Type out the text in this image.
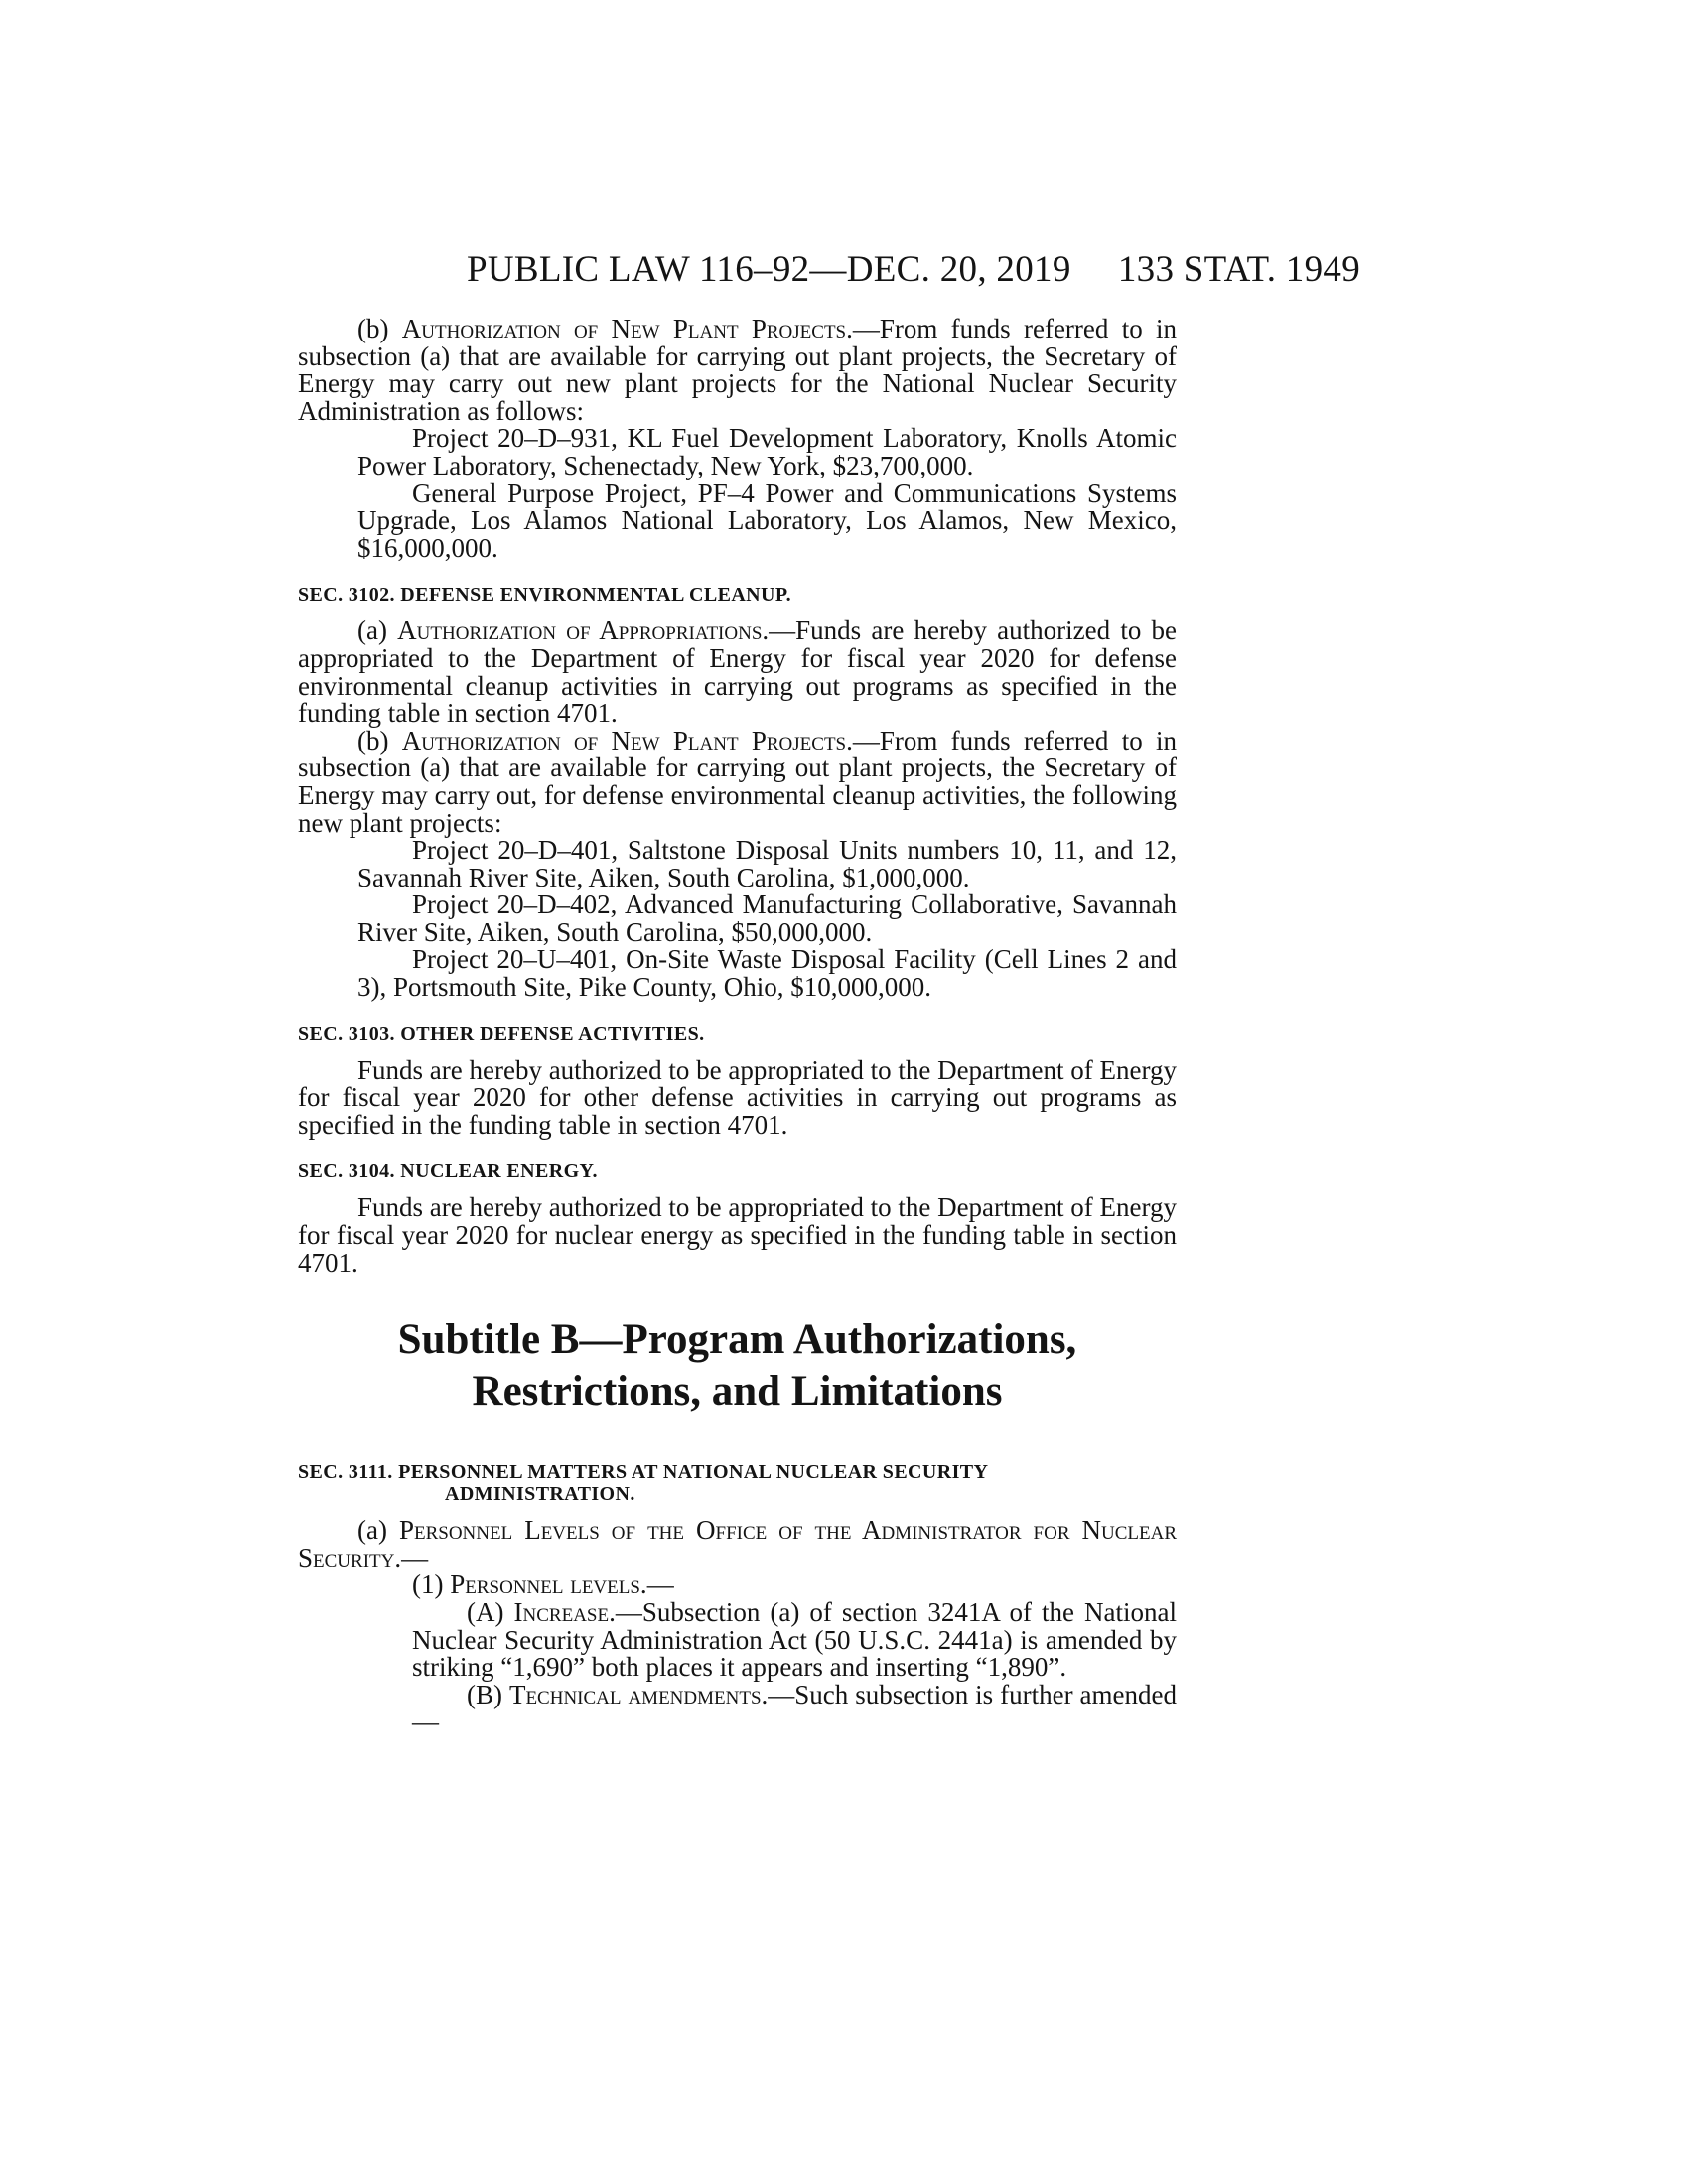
PUBLIC LAW 116–92—DEC. 20, 2019 133 STAT. 1949

(b) Authorization of New Plant Projects.—From funds referred to in subsection (a) that are available for carrying out plant projects, the Secretary of Energy may carry out new plant projects for the National Nuclear Security Administration as follows:

Project 20–D–931, KL Fuel Development Laboratory, Knolls Atomic Power Laboratory, Schenectady, New York, $23,700,000.

General Purpose Project, PF–4 Power and Communications Systems Upgrade, Los Alamos National Laboratory, Los Alamos, New Mexico, $16,000,000.

SEC. 3102. DEFENSE ENVIRONMENTAL CLEANUP.

(a) Authorization of Appropriations.—Funds are hereby authorized to be appropriated to the Department of Energy for fiscal year 2020 for defense environmental cleanup activities in carrying out programs as specified in the funding table in section 4701.

(b) Authorization of New Plant Projects.—From funds referred to in subsection (a) that are available for carrying out plant projects, the Secretary of Energy may carry out, for defense environmental cleanup activities, the following new plant projects:

Project 20–D–401, Saltstone Disposal Units numbers 10, 11, and 12, Savannah River Site, Aiken, South Carolina, $1,000,000.

Project 20–D–402, Advanced Manufacturing Collaborative, Savannah River Site, Aiken, South Carolina, $50,000,000.

Project 20–U–401, On-Site Waste Disposal Facility (Cell Lines 2 and 3), Portsmouth Site, Pike County, Ohio, $10,000,000.

SEC. 3103. OTHER DEFENSE ACTIVITIES.

Funds are hereby authorized to be appropriated to the Department of Energy for fiscal year 2020 for other defense activities in carrying out programs as specified in the funding table in section 4701.

SEC. 3104. NUCLEAR ENERGY.

Funds are hereby authorized to be appropriated to the Department of Energy for fiscal year 2020 for nuclear energy as specified in the funding table in section 4701.

Subtitle B—Program Authorizations,
Restrictions, and Limitations
SEC. 3111. PERSONNEL MATTERS AT NATIONAL NUCLEAR SECURITY
ADMINISTRATION.

(a) Personnel Levels of the Office of the Administrator for Nuclear Security.—

(1) Personnel levels.—

(A) Increase.—Subsection (a) of section 3241A of the National Nuclear Security Administration Act (50 U.S.C. 2441a) is amended by striking “1,690” both places it appears and inserting “1,890”.

(B) Technical amendments.—Such subsection is further amended—
